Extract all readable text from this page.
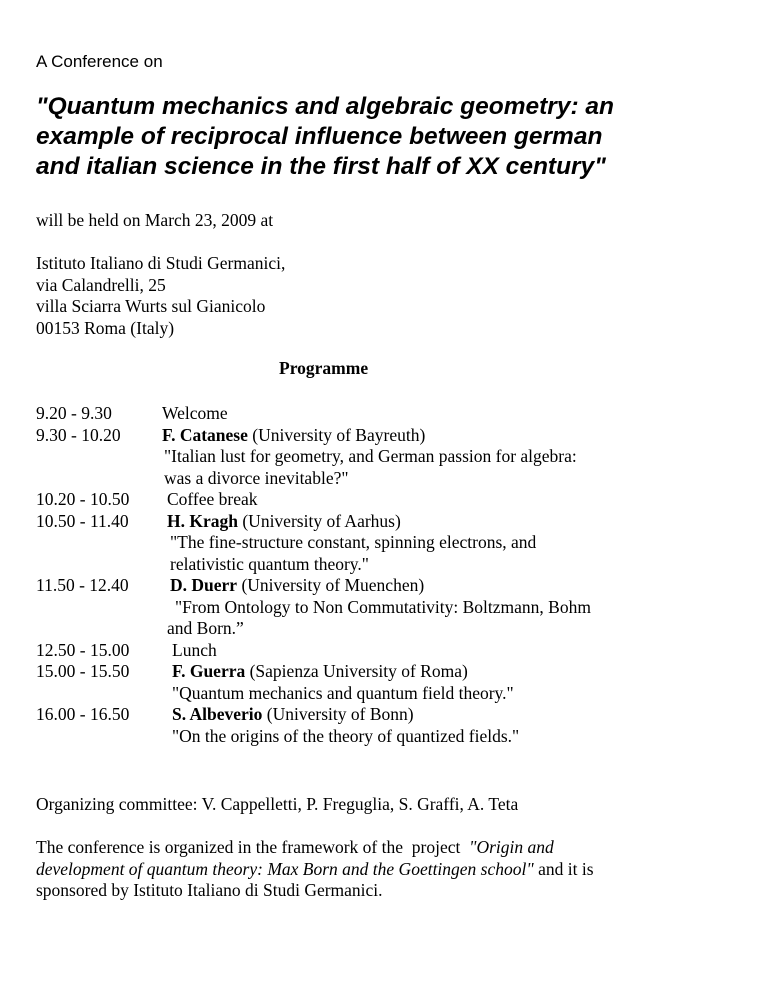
A Conference on
"Quantum mechanics and algebraic geometry: an
example of reciprocal influence between german
and italian science in the first half of XX century"
will be held on March 23, 2009 at
Istituto Italiano di Studi Germanici,
via Calandrelli, 25
villa Sciarra Wurts sul Gianicolo
00153 Roma (Italy)
Programme
9.20 - 9.30	Welcome
9.30 - 10.20 F. Catanese (University of Bayreuth)
"Italian lust for geometry, and German passion for algebra:
was a divorce inevitable?"
10.20 - 10.50 Coffee break
10.50 - 11.40 H. Kragh (University of Aarhus)
"The fine-structure constant, spinning electrons, and
relativistic quantum theory."
11.50 - 12.40 D. Duerr (University of Muenchen)
"From Ontology to Non Commutativity: Boltzmann, Bohm
and Born.”
12.50 - 15.00 Lunch
15.00 - 15.50 F. Guerra (Sapienza University of Roma)
"Quantum mechanics and quantum field theory."
16.00 - 16.50 S. Albeverio (University of Bonn)
"On the origins of the theory of quantized fields."
Organizing committee: V. Cappelletti, P. Freguglia, S. Graffi, A. Teta
The conference is organized in the framework of the  project  "Origin and
development of quantum theory: Max Born and the Goettingen school" and it is
sponsored by Istituto Italiano di Studi Germanici.
